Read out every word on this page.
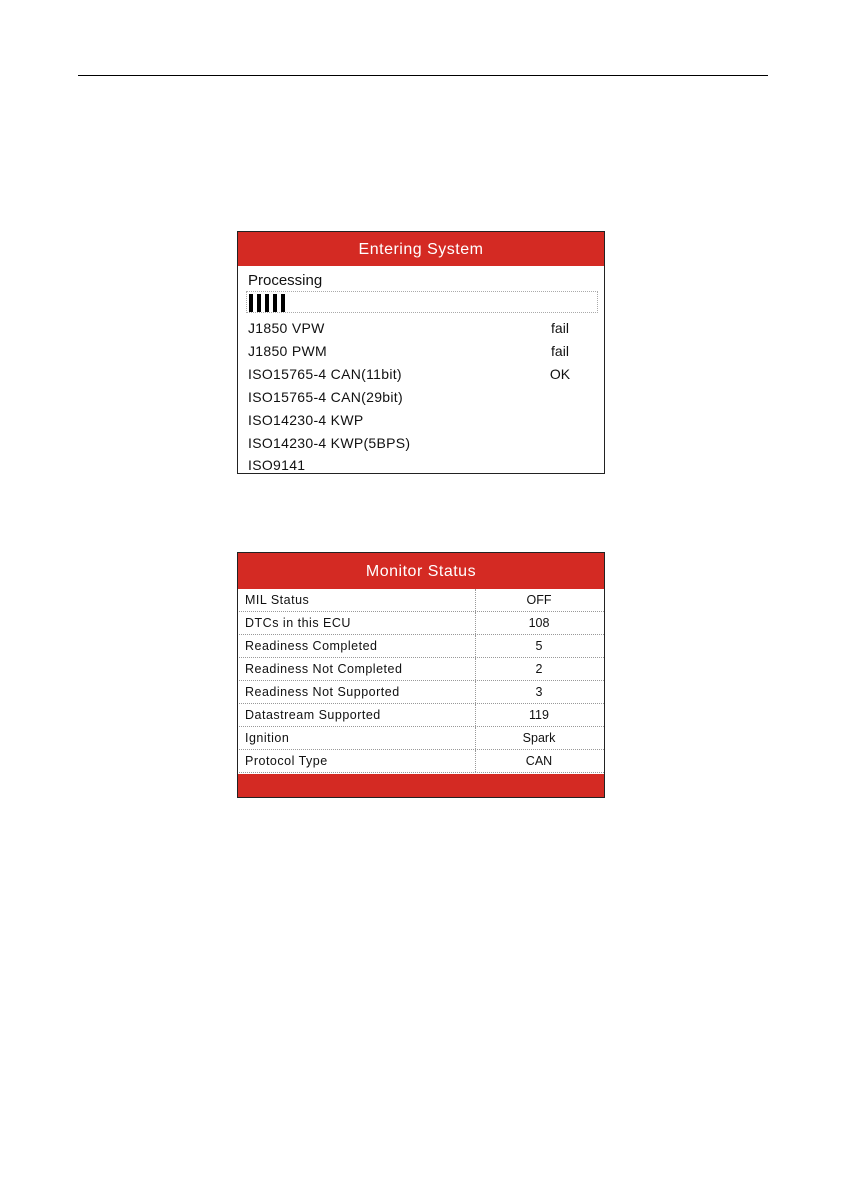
Entering System
Processing
J1850 VPW	fail
J1850 PWM	fail
ISO15765-4 CAN(11bit)	OK
ISO15765-4 CAN(29bit)
ISO14230-4 KWP
ISO14230-4 KWP(5BPS)
ISO9141
Monitor Status
MIL Status	OFF
DTCs in this ECU	108
Readiness Completed	5
Readiness Not Completed	2
Readiness Not Supported	3
Datastream Supported	119
Ignition	Spark
Protocol Type	CAN
